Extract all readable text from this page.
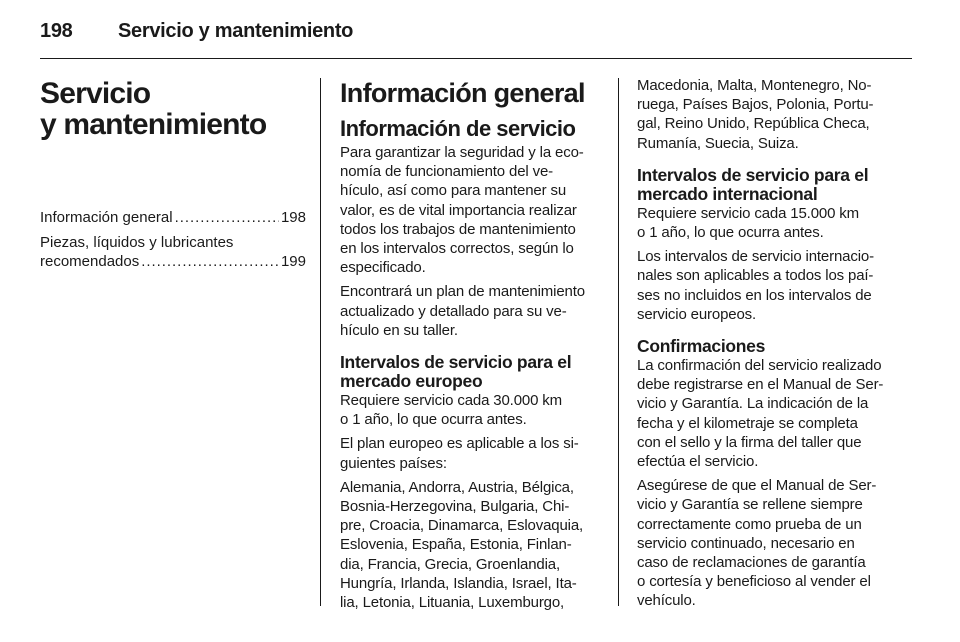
198 Servicio y mantenimiento
Servicio
y mantenimiento
Información general . . .	198
Piezas, líquidos y lubricantes
recomendados . . .	199
Información general
Información de servicio

Para garantizar la seguridad y la eco-
nomía de funcionamiento del ve-
hículo, así como para mantener su
valor, es de vital importancia realizar
todos los trabajos de mantenimiento
en los intervalos correctos, según lo
especificado.

Encontrará un plan de mantenimiento
actualizado y detallado para su ve-
hículo en su taller.

Intervalos de servicio para el
mercado europeo

Requiere servicio cada 30.000 km
o 1 año, lo que ocurra antes.

El plan europeo es aplicable a los si-
guientes países:

Alemania, Andorra, Austria, Bélgica,
Bosnia-Herzegovina, Bulgaria, Chi-
pre, Croacia, Dinamarca, Eslovaquia,
Eslovenia, España, Estonia, Finlan-
dia, Francia, Grecia, Groenlandia,
Hungría, Irlanda, Islandia, Israel, Ita-
lia, Letonia, Lituania, Luxemburgo,

Macedonia, Malta, Montenegro, No-
ruega, Países Bajos, Polonia, Portu-
gal, Reino Unido, República Checa,
Rumanía, Suecia, Suiza.

Intervalos de servicio para el
mercado internacional

Requiere servicio cada 15.000 km
o 1 año, lo que ocurra antes.

Los intervalos de servicio internacio-
nales son aplicables a todos los paí-
ses no incluidos en los intervalos de
servicio europeos.

Confirmaciones

La confirmación del servicio realizado
debe registrarse en el Manual de Ser-
vicio y Garantía. La indicación de la
fecha y el kilometraje se completa
con el sello y la firma del taller que
efectúa el servicio.

Asegúrese de que el Manual de Ser-
vicio y Garantía se rellene siempre
correctamente como prueba de un
servicio continuado, necesario en
caso de reclamaciones de garantía
o cortesía y beneficioso al vender el
vehículo.
